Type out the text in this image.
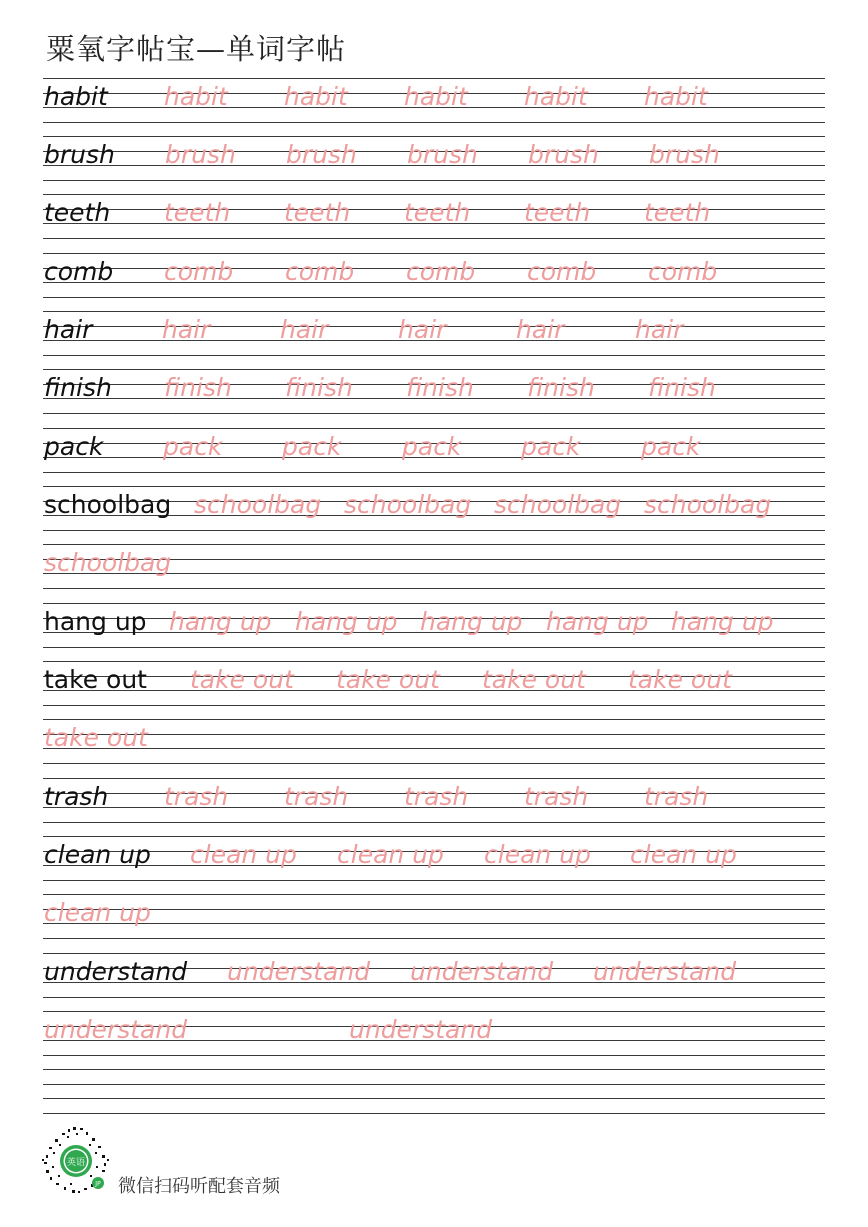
粟氧字帖宝—单词字帖
habit habit habit habit habit habit
brush brush brush brush brush brush
teeth teeth teeth teeth teeth teeth
comb comb comb comb comb comb
hair	hair	hair	hair	hair	hair
finish finish finish finish finish finish
pack pack pack pack pack pack
schoolbag schoolbag schoolbag schoolbag schoolbag
schoolbag
hang up hang up hang up hang up hang up hang up
take out take out take out take out take out
take out
trash trash trash trash trash trash
clean up clean up clean up clean up clean up
clean up
understand understand understand understand
understand	understand
英语
JP 微信扫码听配套音频
